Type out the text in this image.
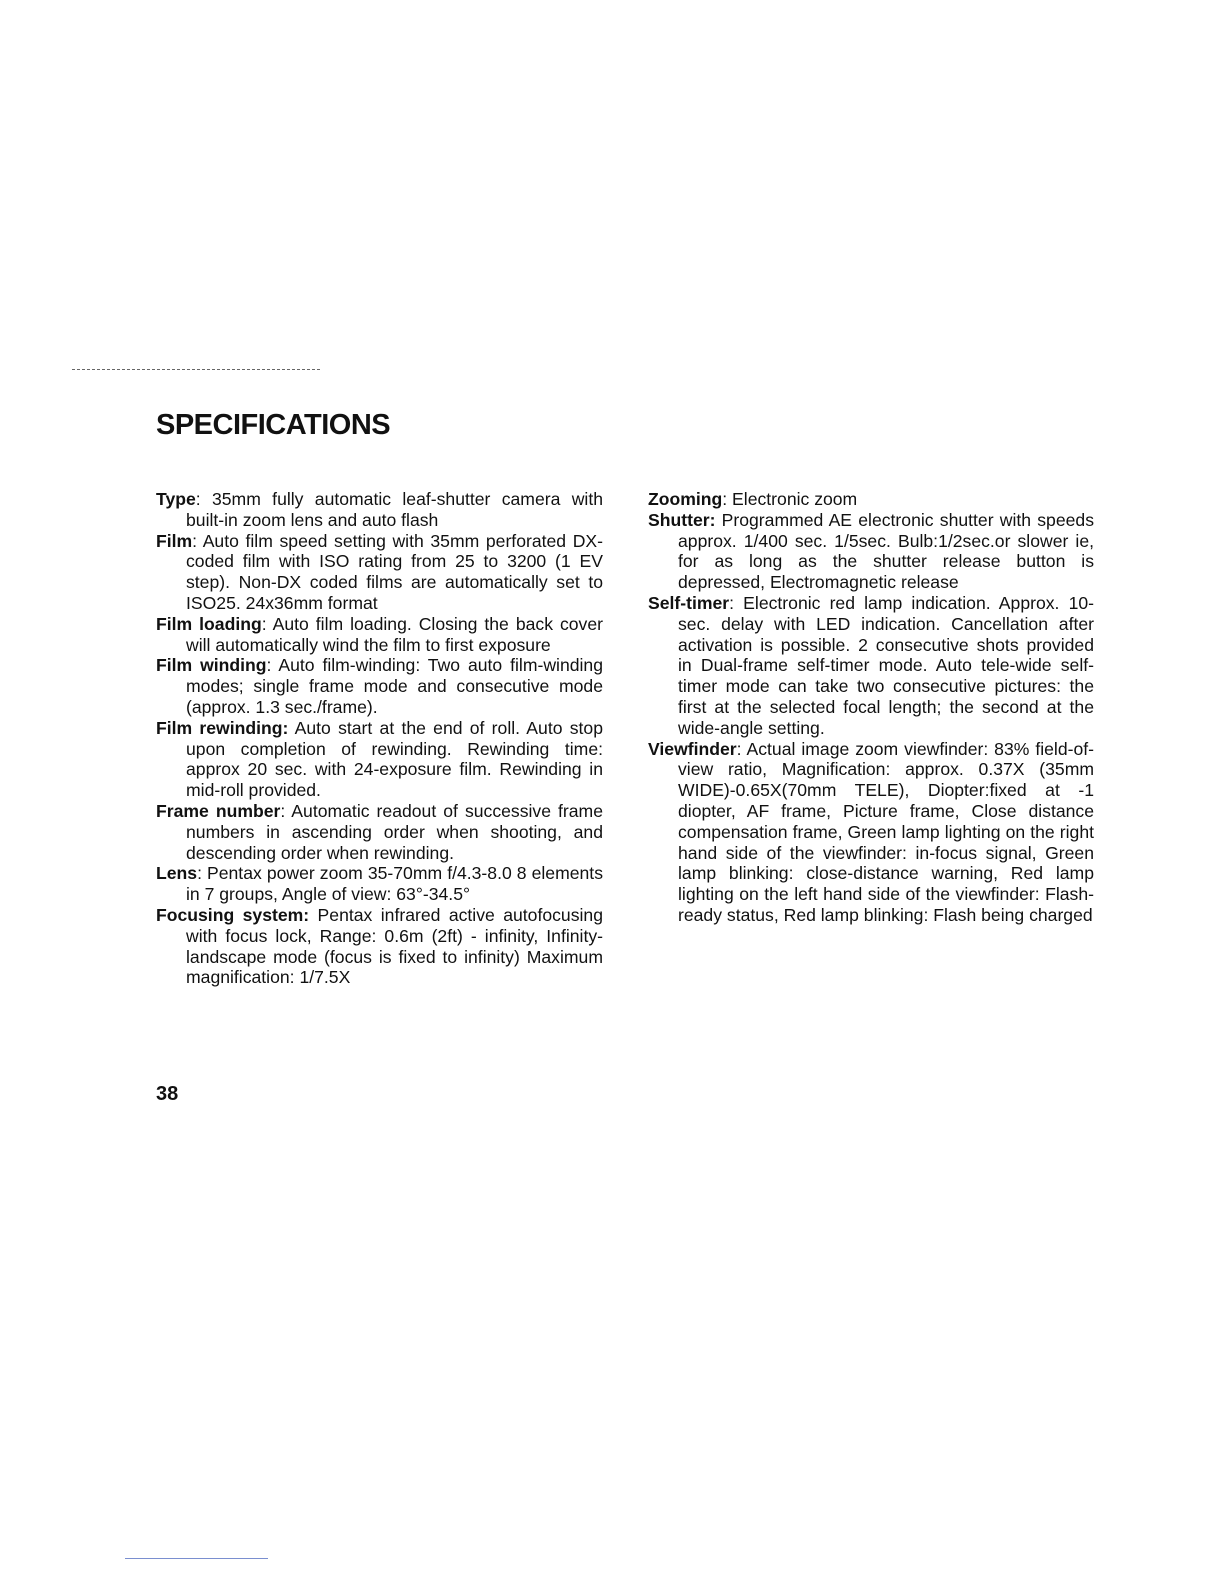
SPECIFICATIONS

Type: 35mm fully automatic leaf-shutter camera with built-in zoom lens and auto flash

Film: Auto film speed setting with 35mm perforated DX-coded film with ISO rating from 25 to 3200 (1 EV step). Non-DX coded films are automatically set to ISO25. 24x36mm format

Film loading: Auto film loading. Closing the back cover will automatically wind the film to first exposure

Film winding: Auto film-winding: Two auto film-winding modes; single frame mode and consecutive mode (approx. 1.3 sec./frame).

Film rewinding: Auto start at the end of roll. Auto stop upon completion of rewinding. Rewinding time: approx 20 sec. with 24-exposure film. Rewinding in mid-roll provided.

Frame number: Automatic readout of successive frame numbers in ascending order when shooting, and descending order when rewinding.

Lens: Pentax power zoom 35-70mm f/4.3-8.0 8 elements in 7 groups, Angle of view: 63°-34.5°

Focusing system: Pentax infrared active autofocusing with focus lock, Range: 0.6m (2ft) - infinity, Infinity-landscape mode (focus is fixed to infinity) Maximum magnification: 1/7.5X

Zooming: Electronic zoom

Shutter: Programmed AE electronic shutter with speeds approx. 1/400 sec. 1/5sec. Bulb:1/2sec.or slower ie, for as long as the shutter release button is depressed, Electromagnetic release

Self-timer: Electronic red lamp indication. Approx. 10-sec. delay with LED indication. Cancellation after activation is possible. 2 consecutive shots provided in Dual-frame self-timer mode. Auto tele-wide self-timer mode can take two consecutive pictures: the first at the selected focal length; the second at the wide-angle setting.

Viewfinder: Actual image zoom viewfinder: 83% field-of-view ratio, Magnification: approx. 0.37X (35mm WIDE)-0.65X(70mm TELE), Diopter:fixed at -1 diopter, AF frame, Picture frame, Close distance compensation frame, Green lamp lighting on the right hand side of the viewfinder: in-focus signal, Green lamp blinking: close-distance warning, Red lamp lighting on the left hand side of the viewfinder: Flash-ready status, Red lamp blinking: Flash being charged

38
